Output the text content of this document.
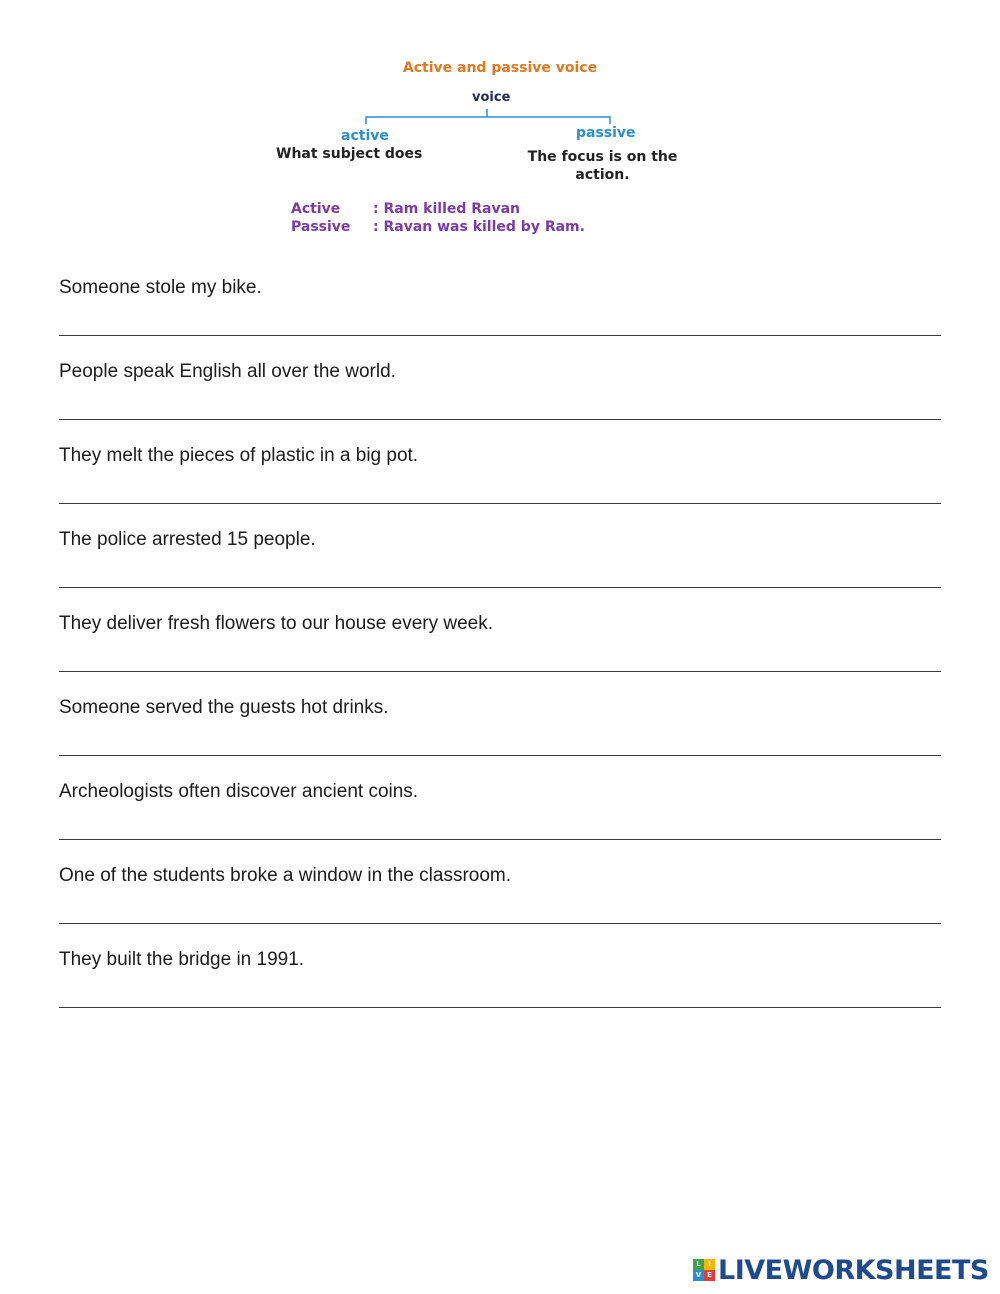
Active and passive voice
voice
active	passive
What subject does	The focus is on the
action.
Active : Ram killed Ravan
Passive : Ravan was killed by Ram.
Someone stole my bike.
People speak English all over the world.
They melt the pieces of plastic in a big pot.
The police arrested 15 people.
They deliver fresh flowers to our house every week.
Someone served the guests hot drinks.
Archeologists often discover ancient coins.
One of the students broke a window in the classroom.
They built the bridge in 1991.
L	I
V E LIVEWORKSHEETS
